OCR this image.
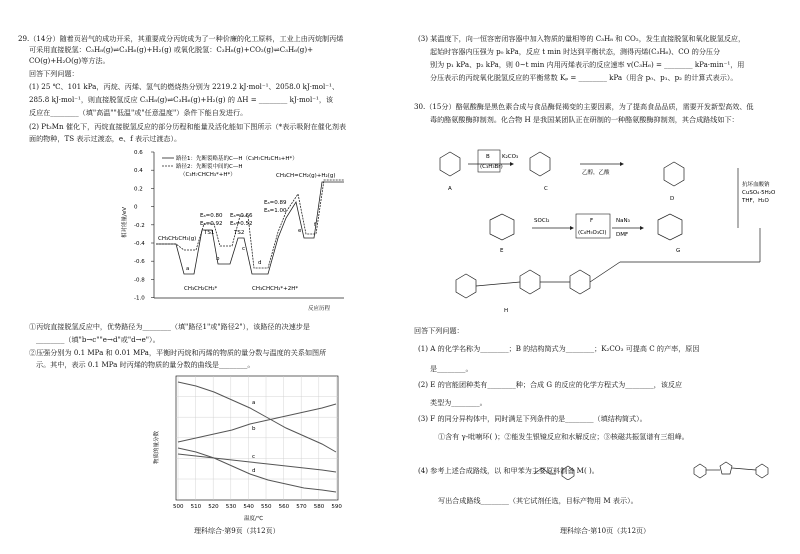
29.（14分）随着页岩气的成功开采，其重要成分丙烷成为了一种价廉的化工原料，工业上由丙烷制丙烯
可采用直接脱氢：C₃H₈(g)⇌C₃H₆(g)+H₂(g) 或氧化脱氢：C₃H₈(g)+CO₂(g)⇌C₃H₆(g)+
CO(g)+H₂O(g)等方法。
回答下列问题：
(1) 25 ℃、101 kPa，丙烷、丙烯、氢气的燃烧热分别为 2219.2 kJ·mol⁻¹、2058.0 kJ·mol⁻¹、
285.8 kJ·mol⁻¹，则直接脱氢反应 C₃H₈(g)⇌C₃H₆(g)+H₂(g) 的 ΔH = ________ kJ·mol⁻¹，该
反应在________（填"高温""低温"或"任意温度"）条件下能自发进行。
(2) Pt₃Mn 催化下，丙烷直接脱氢反应的部分历程和能量及活化能如下图所示（*表示吸附在催化剂表
面的物种，TS 表示过渡态，e、f 表示过渡态）。
0.6
0.4
0.2
0
-0.2
-0.4
-0.6
-0.8
-1.0
相对能量/eV
反应历程
路径1：先断裂略基的C—H（C₃H₇CH₂CH₃+H*）
路径2：先断裂中间的C—H
（C₃H₇CHCH₃*+H*）
CH₃CH₂CH₃(g)
CH₃CH=CH₂(g)+H₂(g)
Eₐ=0.80
Eₐ=0.92
Eₐ=0.66
Eₐ=0.52
Eₐ=0.89
Eₐ=1.00
TS1	TS2
CH₃CH₂CH₂*	CH₃CHCH₃*+2H*
a
b
c
d
e
f
①丙烷直接脱氢反应中，优势路径为________（填"路径1"或"路径2"），该路径的决速步是
________（填"b→c""e→d"或"d→e"）。
②压强分别为 0.1 MPa 和 0.01 MPa，平衡时丙烷和丙烯的物质的量分数与温度的关系如图所
示。其中，表示 0.1 MPa 时丙烯的物质的量分数的曲线是________。
物质的量分数
500 510 520 530 540 550 560 570 580 590
温度/℃
a
b
c
d
理科综合·第9页（共12页）
(3) 某温度下，向一恒容密闭容器中加入物质的量相等的 C₃H₈ 和 CO₂，发生直接脱氢和氧化脱氢反应，
起始时容器内压强为 p₀ kPa，反应 t min 时达到平衡状态，测得丙烯(C₃H₆)、CO 的分压分
别为 p₁ kPa、p₂ kPa，则 0~t min 内用丙烯表示的反应速率 v(C₃H₆) = ________ kPa·min⁻¹，用
分压表示的丙烷氧化脱氢反应的平衡常数 Kₚ = ________ kPa（用含 p₀、p₁、p₂ 的计算式表示）。
30.（15分）酪氨酸酶是黑色素合成与食品酶促褐变的主要因素，为了提高食品品质，需要开发新型高效、低
毒的酪氨酸酶抑制剂。化合物 H 是我国某团队正在研制的一种酪氨酸酶抑制剂，其合成路线如下：
A
B
(C₃H₃Br)
K₂CO₃
C
乙醇，乙酸
D
抗坏血酸钠
CuSO₄·5H₂O
THF，H₂O
E
SOCl₂	F
(C₆H₅O₃Cl)
NaN₃
DMF
G
H
回答下列问题：
(1) A 的化学名称为________；B 的结构简式为________；K₂CO₃ 可提高 C 的产率，原因
是________。
(2) E 的官能团种类有________种；合成 G 的反应的化学方程式为________，该反应
类型为________。
(3) F 的同分异构体中，同时满足下列条件的是________（填结构简式）。
①含有 γ-吡喃环( )；②能发生银镜反应和水解反应；③核磁共振氢谱有三组峰。
(4) 参考上述合成路线，以 和甲苯为主要原料制备 M( )。
写出合成路线________（其它试剂任选，目标产物用 M 表示）。
理科综合·第10页（共12页）
